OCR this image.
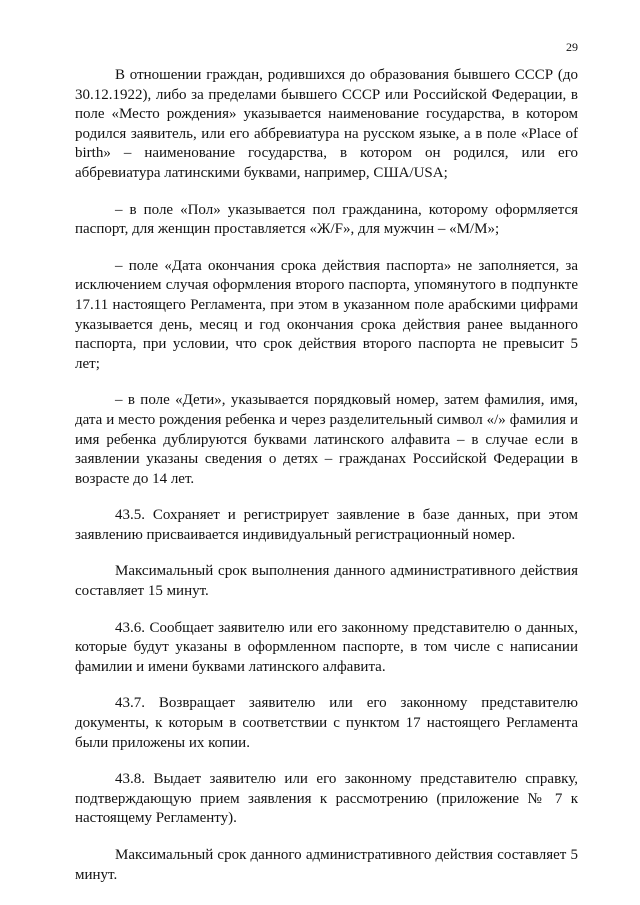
29

В отношении граждан, родившихся до образования бывшего СССР (до 30.12.1922), либо за пределами бывшего СССР или Российской Федерации, в поле «Место рождения» указывается наименование государства, в котором родился заявитель, или его аббревиатура на русском языке, а в поле «Place of birth» – наименование государства, в котором он родился, или его аббревиатура латинскими буквами, например, США/USA;

– в поле «Пол» указывается пол гражданина, которому оформляется паспорт, для женщин проставляется «Ж/F», для мужчин – «М/М»;

– поле «Дата окончания срока действия паспорта» не заполняется, за исключением случая оформления второго паспорта, упомянутого в подпункте 17.11 настоящего Регламента, при этом в указанном поле арабскими цифрами указывается день, месяц и год окончания срока действия ранее выданного паспорта, при условии, что срок действия второго паспорта не превысит 5 лет;

– в поле «Дети», указывается порядковый номер, затем фамилия, имя, дата и место рождения ребенка и через разделительный символ «/» фамилия и имя ребенка дублируются буквами латинского алфавита – в случае если в заявлении указаны сведения о детях – гражданах Российской Федерации в возрасте до 14 лет.

43.5. Сохраняет и регистрирует заявление в базе данных, при этом заявлению присваивается индивидуальный регистрационный номер.

Максимальный срок выполнения данного административного действия составляет 15 минут.

43.6. Сообщает заявителю или его законному представителю о данных, которые будут указаны в оформленном паспорте, в том числе с написании фамилии и имени буквами латинского алфавита.

43.7. Возвращает заявителю или его законному представителю документы, к которым в соответствии с пунктом 17 настоящего Регламента были приложены их копии.

43.8. Выдает заявителю или его законному представителю справку, подтверждающую прием заявления к рассмотрению (приложение № 7 к настоящему Регламенту).

Максимальный срок данного административного действия составляет 5 минут.
